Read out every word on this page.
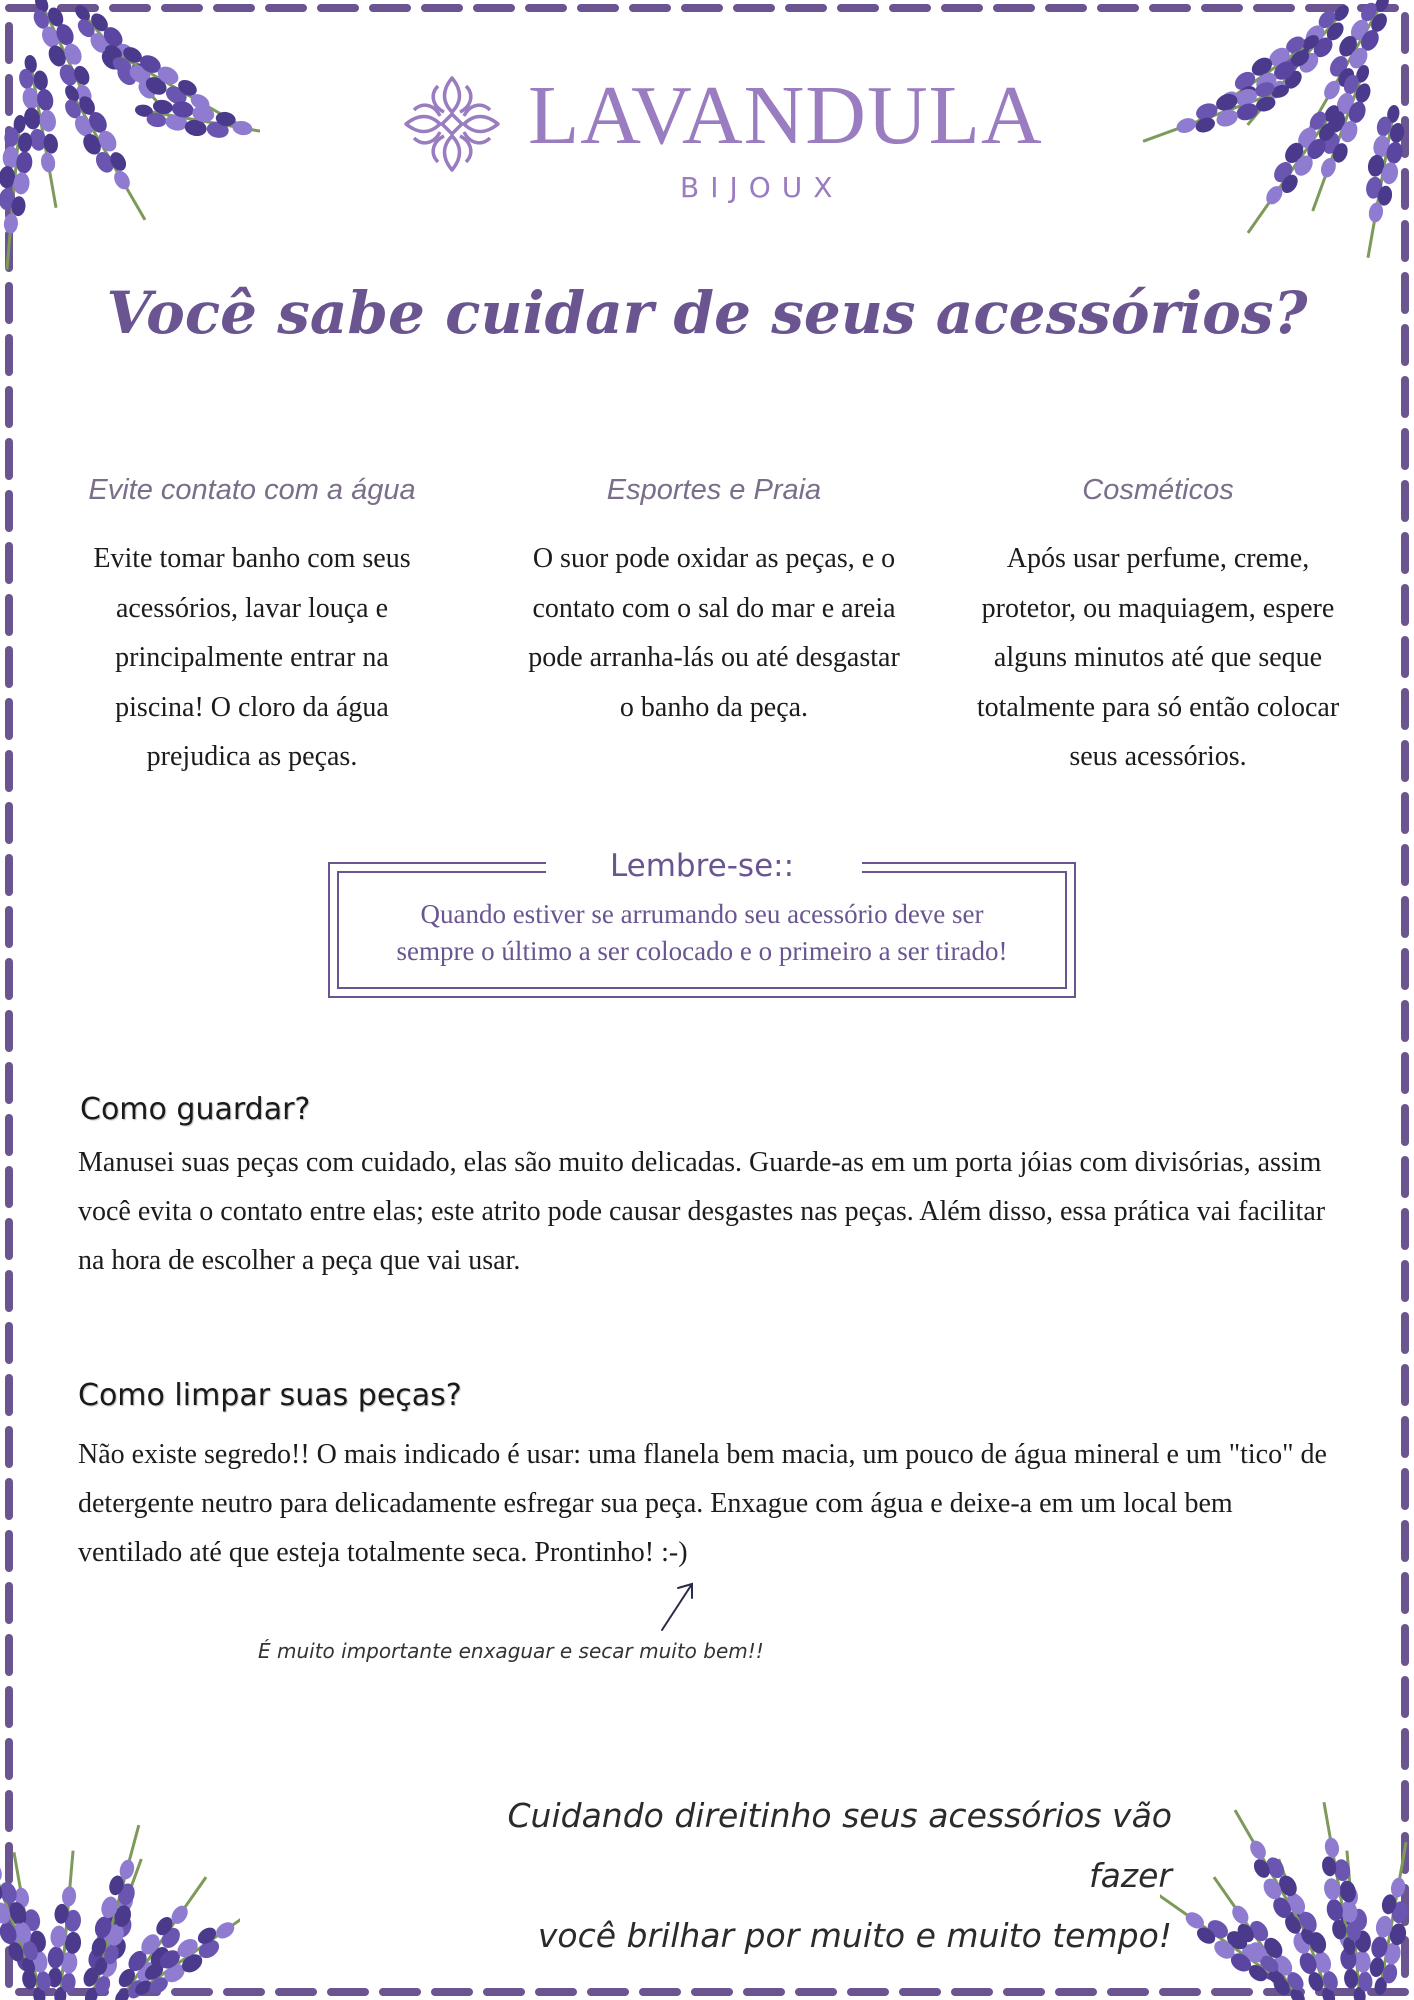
LAVANDULA
BIJOUX
Você sabe cuidar de seus acessórios?
Evite contato com a água
Evite tomar banho com seus acessórios, lavar louça e principalmente entrar na piscina! O cloro da água prejudica as peças.
Esportes e Praia
O suor pode oxidar as peças, e o contato com o sal do mar e areia pode arranha-lás ou até desgastar o banho da peça.
Cosméticos
Após usar perfume, creme, protetor, ou maquiagem, espere alguns minutos até que seque totalmente para só então colocar seus acessórios.
Lembre-se::
Quando estiver se arrumando seu acessório deve ser
sempre o último a ser colocado e o primeiro a ser tirado!
Como guardar?
Manusei suas peças com cuidado, elas são muito delicadas. Guarde-as em um porta jóias com divisórias, assim você evita o contato entre elas; este atrito pode causar desgastes nas peças. Além disso, essa prática vai facilitar na hora de escolher a peça que vai usar.
Como limpar suas peças?
Não existe segredo!! O mais indicado é usar: uma flanela bem macia, um pouco de água mineral e um "tico" de detergente neutro para delicadamente esfregar sua peça. Enxague com água e deixe-a em um local bem ventilado até que esteja totalmente seca. Prontinho! :-)
É muito importante enxaguar e secar muito bem!!
Cuidando direitinho seus acessórios vão fazer
você brilhar por muito e muito tempo!
